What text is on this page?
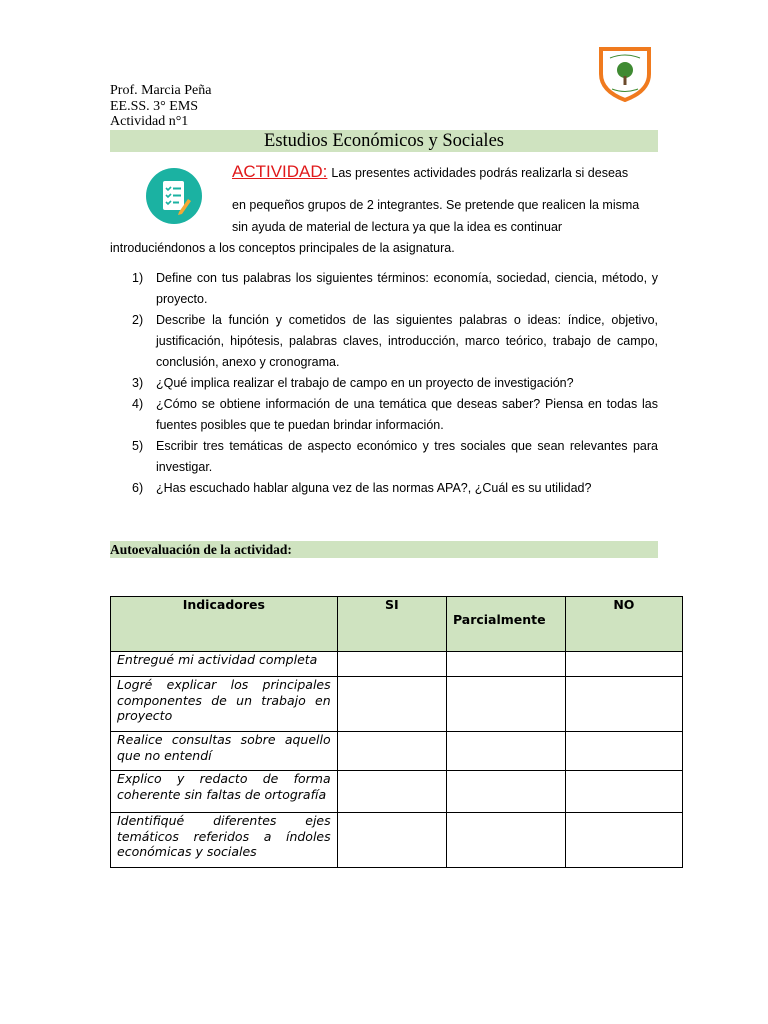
Prof. Marcia Peña
EE.SS. 3° EMS
Actividad n°1
Estudios Económicos y Sociales
ACTIVIDAD: Las presentes actividades podrás realizarla si deseas
en pequeños grupos de 2 integrantes. Se pretende que realicen la misma
sin ayuda de material de lectura ya que la idea es continuar
introduciéndonos a los conceptos principales de la asignatura.
1) Define con tus palabras los siguientes términos: economía, sociedad, ciencia, método, y proyecto.
2) Describe la función y cometidos de las siguientes palabras o ideas: índice, objetivo, justificación, hipótesis, palabras claves, introducción, marco teórico, trabajo de campo, conclusión, anexo y cronograma.
3) ¿Qué implica realizar el trabajo de campo en un proyecto de investigación?
4) ¿Cómo se obtiene información de una temática que deseas saber? Piensa en todas las fuentes posibles que te puedan brindar información.
5) Escribir tres temáticas de aspecto económico y tres sociales que sean relevantes para investigar.
6) ¿Has escuchado hablar alguna vez de las normas APA?, ¿Cuál es su utilidad?
Autoevaluación de la actividad:
Indicadores	SI	Parcialmente	NO
Entregué mi actividad completa			
Logré explicar los principales componentes de un trabajo en proyecto			
Realice consultas sobre aquello que no entendí			
Explico y redacto de forma coherente sin faltas de ortografía			
Identifiqué diferentes ejes temáticos referidos a índoles económicas y sociales			
